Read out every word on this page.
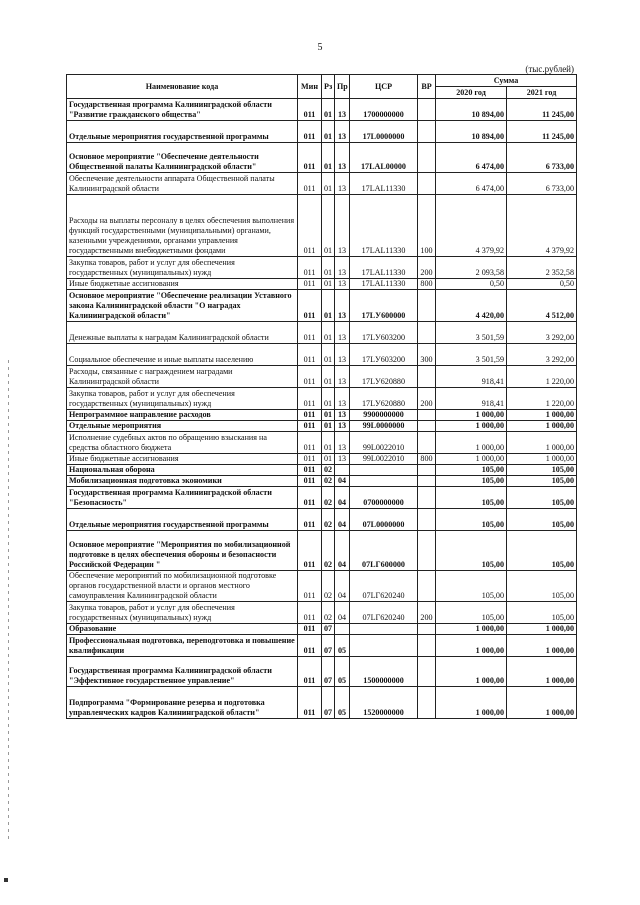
5
(тыс.рублей)
Наименование кода	Мин	Рз	Пр	ЦСР	ВР	Сумма	
						2020 год	2021 год
Государственная программа Калининградской области "Развитие гражданского общества"	011	01	13	1700000000		10 894,00	11 245,00
Отдельные мероприятия государственной программы	011	01	13	17L0000000		10 894,00	11 245,00
Основное мероприятие "Обеспечение деятельности Общественной палаты Калининградской области"	011	01	13	17LAL00000		6 474,00	6 733,00
Обеспечение деятельности аппарата Общественной палаты Калининградской области	011	01	13	17LAL11330		6 474,00	6 733,00
Расходы на выплаты персоналу в целях обеспечения выполнения функций государственными (муниципальными) органами, казенными учреждениями, органами управления государственными внебюджетными фондами	011	01	13	17LAL11330	100	4 379,92	4 379,92
Закупка товаров, работ и услуг для обеспечения государственных (муниципальных) нужд	011	01	13	17LAL11330	200	2 093,58	2 352,58
Иные бюджетные ассигнования	011	01	13	17LAL11330	800	0,50	0,50
Основное мероприятие "Обеспечение реализации Уставного закона Калининградской области "О наградах Калининградской области"	011	01	13	17LУ600000		4 420,00	4 512,00
Денежные выплаты к наградам Калининградской области	011	01	13	17LУ603200		3 501,59	3 292,00
Социальное обеспечение и иные выплаты населению	011	01	13	17LУ603200	300	3 501,59	3 292,00
Расходы, связанные с награждением наградами Калининградской области	011	01	13	17LУ620880		918,41	1 220,00
Закупка товаров, работ и услуг для обеспечения государственных (муниципальных) нужд	011	01	13	17LУ620880	200	918,41	1 220,00
Непрограммное направление расходов	011	01	13	9900000000		1 000,00	1 000,00
Отдельные мероприятия	011	01	13	99L0000000		1 000,00	1 000,00
Исполнение судебных актов по обращению взыскания на средства областного бюджета	011	01	13	99L0022010		1 000,00	1 000,00
Иные бюджетные ассигнования	011	01	13	99L0022010	800	1 000,00	1 000,00
Национальная оборона	011	02				105,00	105,00
Мобилизационная подготовка экономики	011	02	04			105,00	105,00
Государственная программа Калининградской области "Безопасность"	011	02	04	0700000000		105,00	105,00
Отдельные мероприятия государственной программы	011	02	04	07L0000000		105,00	105,00
Основное мероприятие "Мероприятия по мобилизационной подготовке в целях обеспечения обороны и безопасности Российской Федерации "	011	02	04	07LГ600000		105,00	105,00
Обеспечение мероприятий по мобилизационной подготовке органов государственной власти и органов местного самоуправления Калининградской области	011	02	04	07LГ620240		105,00	105,00
Закупка товаров, работ и услуг для обеспечения государственных (муниципальных) нужд	011	02	04	07LГ620240	200	105,00	105,00
Образование	011	07				1 000,00	1 000,00
Профессиональная подготовка, переподготовка и повышение квалификации	011	07	05			1 000,00	1 000,00
Государственная программа Калининградской области "Эффективное государственное управление"	011	07	05	1500000000		1 000,00	1 000,00
Подпрограмма "Формирование резерва и подготовка управленческих кадров Калининградской области"	011	07	05	1520000000		1 000,00	1 000,00
